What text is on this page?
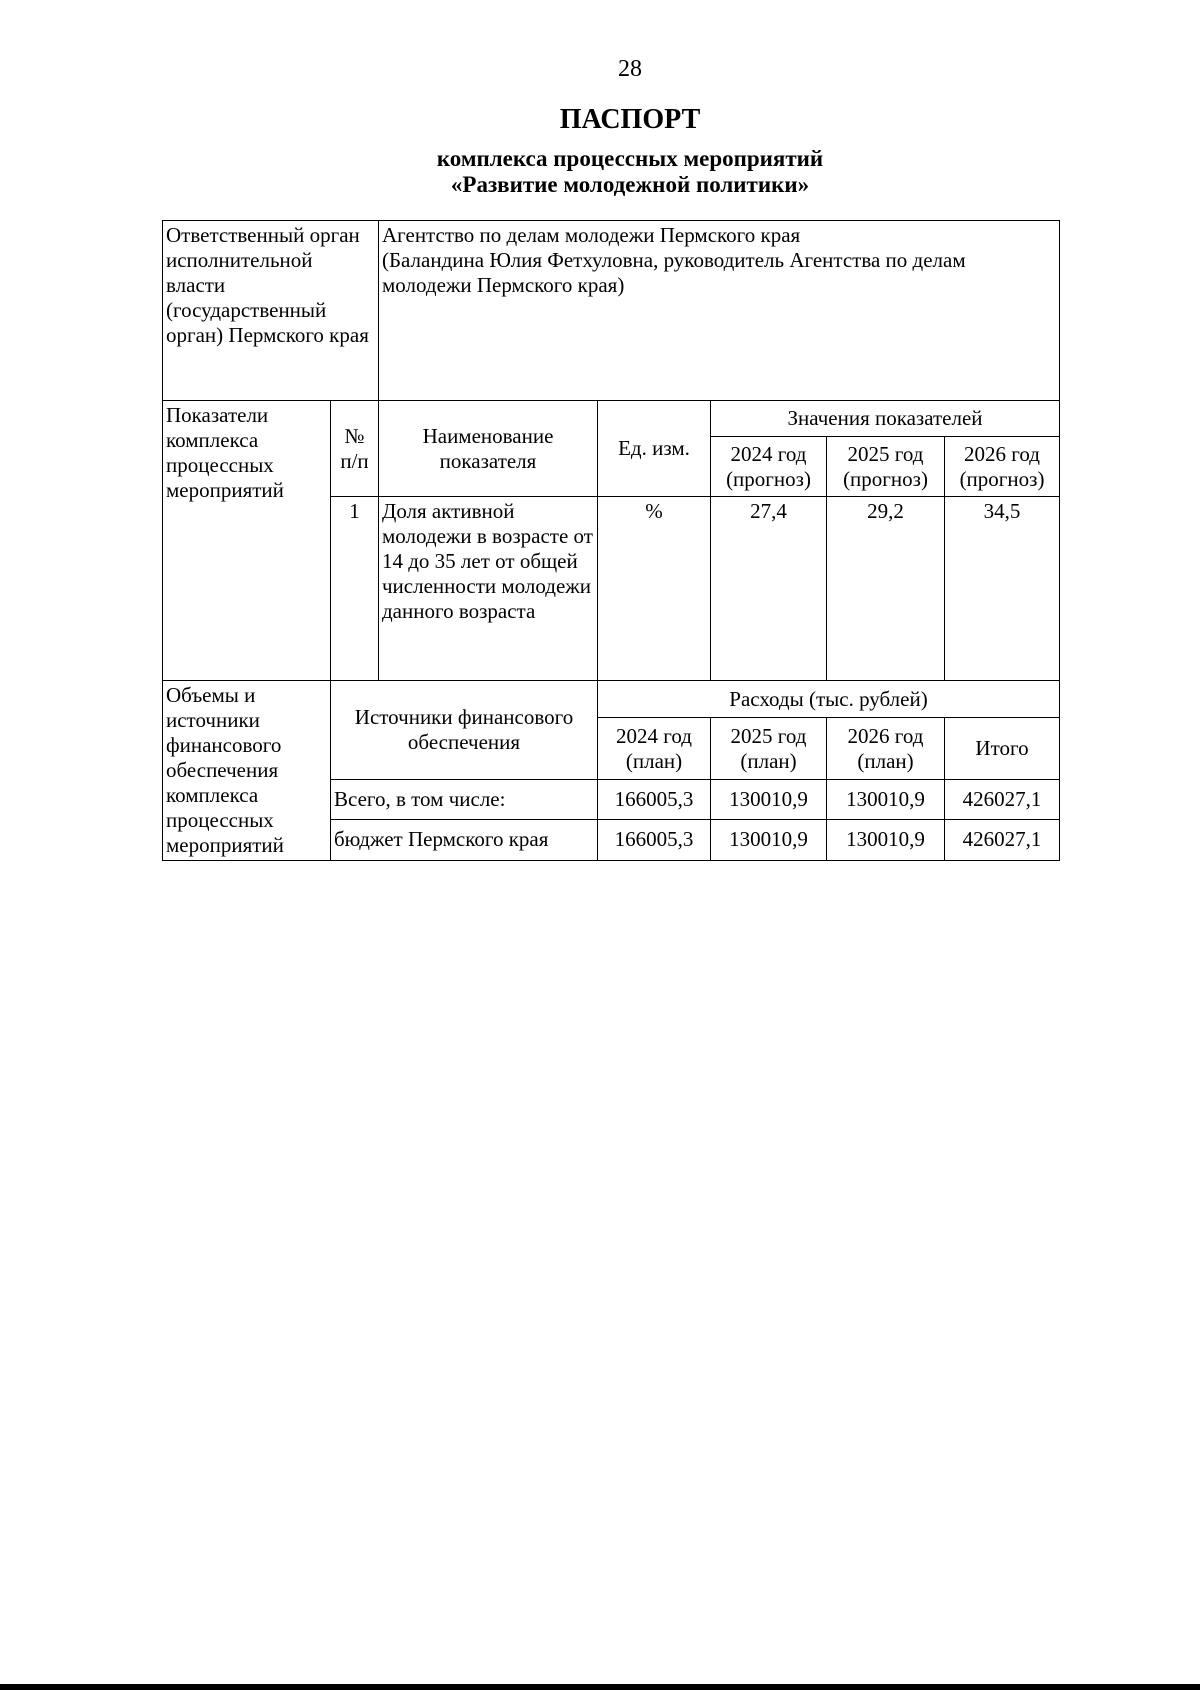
28
ПАСПОРТ
комплекса процессных мероприятий
«Развитие молодежной политики»
Ответственный орган исполнительной власти (государственный орган) Пермского края		Агентство по делам молодежи Пермского края
(Баландина Юлия Фетхуловна, руководитель Агентства по делам молодежи Пермского края)				

Показатели комплекса процессных мероприятий	№ п/п	Наименование показателя	Ед. изм.	Значения показателей		
				2024 год (прогноз)	2025 год (прогноз)	2026 год (прогноз)
	1	Доля активной молодежи в возрасте от 14 до 35 лет от общей численности молодежи данного возраста	%	27,4	29,2	34,5
Объемы и источники финансового обеспечения комплекса процессных мероприятий	Источники финансового обеспечения		Расходы (тыс. рублей)			
			2024 год (план)	2025 год (план)	2026 год (план)	Итого
	Всего, в том числе:		166005,3	130010,9	130010,9	426027,1
	бюджет Пермского края		166005,3	130010,9	130010,9	426027,1
